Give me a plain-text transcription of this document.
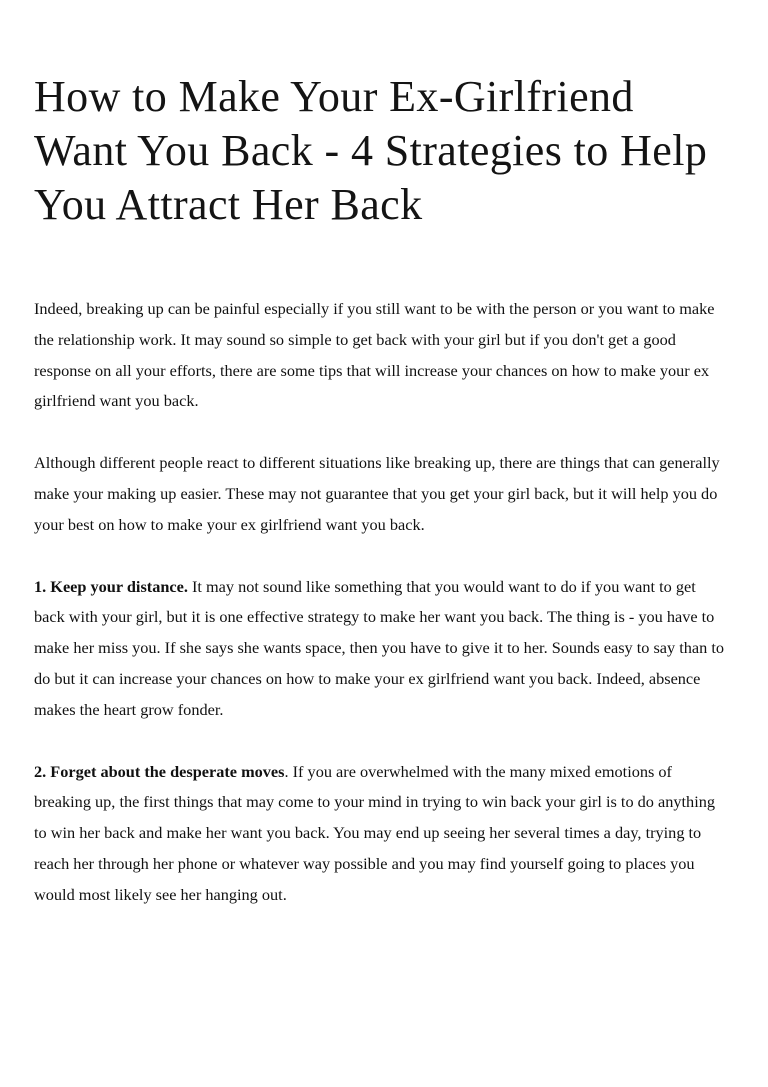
How to Make Your Ex-Girlfriend Want You Back - 4 Strategies to Help You Attract Her Back

Indeed, breaking up can be painful especially if you still want to be with the person or you want to make the relationship work. It may sound so simple to get back with your girl but if you don't get a good response on all your efforts, there are some tips that will increase your chances on how to make your ex girlfriend want you back.

Although different people react to different situations like breaking up, there are things that can generally make your making up easier. These may not guarantee that you get your girl back, but it will help you do your best on how to make your ex girlfriend want you back.

1. Keep your distance. It may not sound like something that you would want to do if you want to get back with your girl, but it is one effective strategy to make her want you back. The thing is - you have to make her miss you. If she says she wants space, then you have to give it to her. Sounds easy to say than to do but it can increase your chances on how to make your ex girlfriend want you back. Indeed, absence makes the heart grow fonder.

2. Forget about the desperate moves. If you are overwhelmed with the many mixed emotions of breaking up, the first things that may come to your mind in trying to win back your girl is to do anything to win her back and make her want you back. You may end up seeing her several times a day, trying to reach her through her phone or whatever way possible and you may find yourself going to places you would most likely see her hanging out.
